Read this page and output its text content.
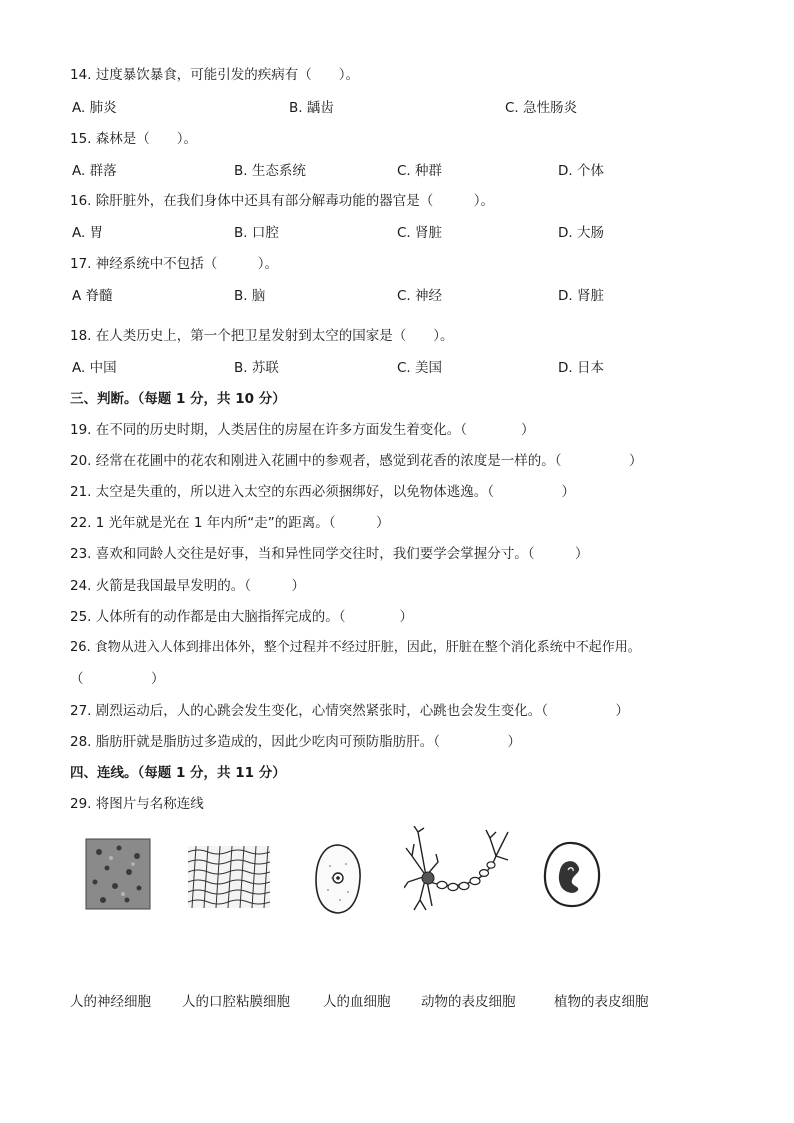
14. 过度暴饮暴食，可能引发的疾病有（　　）。
A. 肺炎	B. 龋齿	C. 急性肠炎
15. 森林是（　　）。
A. 群落	B. 生态系统	C. 种群	D. 个体
16. 除肝脏外，在我们身体中还具有部分解毒功能的器官是（　　　）。
A. 胃	B. 口腔	C. 肾脏	D. 大肠
17. 神经系统中不包括（　　　）。
A 脊髓	B. 脑	C. 神经	D. 肾脏
18. 在人类历史上，第一个把卫星发射到太空的国家是（　　）。
A. 中国	B. 苏联	C. 美国	D. 日本
三、判断。（每题 1 分，共 10 分）
19. 在不同的历史时期，人类居住的房屋在许多方面发生着变化。（　　　　）
20. 经常在花圃中的花农和刚进入花圃中的参观者，感觉到花香的浓度是一样的。（　　　　　）
21. 太空是失重的，所以进入太空的东西必须捆绑好，以免物体逃逸。（　　　　　）
22. 1 光年就是光在 1 年内所“走”的距离。（　　　）
23. 喜欢和同龄人交往是好事，当和异性同学交往时，我们要学会掌握分寸。（　　　）
24. 火箭是我国最早发明的。（　　　）
25. 人体所有的动作都是由大脑指挥完成的。（　　　　）
26. 食物从进入人体到排出体外，整个过程并不经过肝脏，因此，肝脏在整个消化系统中不起作用。
（　　　　　）
27. 剧烈运动后，人的心跳会发生变化，心情突然紧张时，心跳也会发生变化。（　　　　　）
28. 脂肪肝就是脂肪过多造成的，因此少吃肉可预防脂肪肝。（　　　　　）
四、连线。（每题 1 分，共 11 分）
29. 将图片与名称连线
人的神经细胞 人的口腔粘膜细胞 人的血细胞 动物的表皮细胞	植物的表皮细胞
